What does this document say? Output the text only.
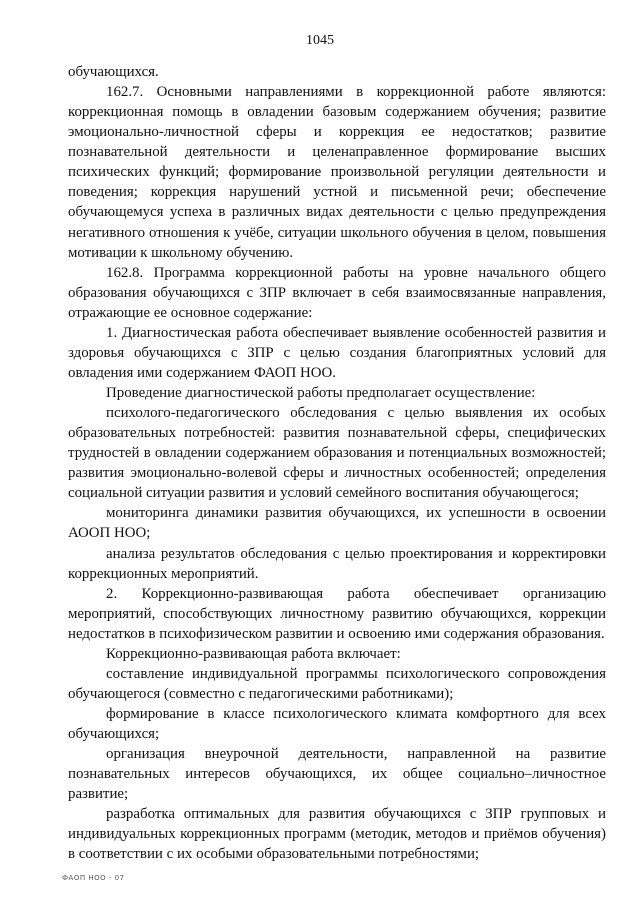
1045

обучающихся.

162.7. Основными направлениями в коррекционной работе являются: коррекционная помощь в овладении базовым содержанием обучения; развитие эмоционально-личностной сферы и коррекция ее недостатков; развитие познавательной деятельности и целенаправленное формирование высших психических функций; формирование произвольной регуляции деятельности и поведения; коррекция нарушений устной и письменной речи; обеспечение обучающемуся успеха в различных видах деятельности с целью предупреждения негативного отношения к учёбе, ситуации школьного обучения в целом, повышения мотивации к школьному обучению.

162.8. Программа коррекционной работы на уровне начального общего образования обучающихся с ЗПР включает в себя взаимосвязанные направления, отражающие ее основное содержание:

1. Диагностическая работа обеспечивает выявление особенностей развития и здоровья обучающихся с ЗПР с целью создания благоприятных условий для овладения ими содержанием ФАОП НОО.

Проведение диагностической работы предполагает осуществление:

психолого-педагогического обследования с целью выявления их особых образовательных потребностей: развития познавательной сферы, специфических трудностей в овладении содержанием образования и потенциальных возможностей; развития эмоционально-волевой сферы и личностных особенностей; определения социальной ситуации развития и условий семейного воспитания обучающегося;

мониторинга динамики развития обучающихся, их успешности в освоении АООП НОО;

анализа результатов обследования с целью проектирования и корректировки коррекционных мероприятий.

2. Коррекционно-развивающая работа обеспечивает организацию мероприятий, способствующих личностному развитию обучающихся, коррекции недостатков в психофизическом развитии и освоению ими содержания образования.

Коррекционно-развивающая работа включает:

составление индивидуальной программы психологического сопровождения обучающегося (совместно с педагогическими работниками);

формирование в классе психологического климата комфортного для всех обучающихся;

организация внеурочной деятельности, направленной на развитие познавательных интересов обучающихся, их общее социально–личностное развитие;

разработка оптимальных для развития обучающихся с ЗПР групповых и индивидуальных коррекционных программ (методик, методов и приёмов обучения) в соответствии с их особыми образовательными потребностями;

ФАОП НОО - 07
